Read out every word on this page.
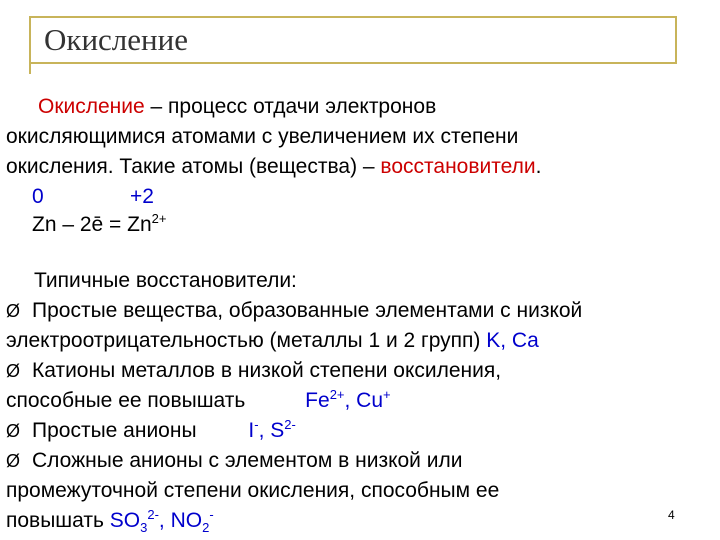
Окисление
Окисление – процесс отдачи электронов
окисляющимися атомами с увеличением их степени
окисления. Такие атомы (вещества) – восстановители.
0	+2
Zn – 2ē = $Zn^{2+}$
Типичные восстановители:
Ø Простые вещества, образованные элементами с низкой
электроотрицательностью (металлы 1 и 2 групп) K, Ca
Ø Катионы металлов в низкой степени оксиления,
способные ее повышать	$Fe^{2+}$, Cu+
Ø Простые анионы I-, $S^{2-}$
Ø Сложные анионы с элементом в низкой или
промежуточной степени окисления, способным ее
повышать $SO_3^{2-}$, $NO_2^-$	4
